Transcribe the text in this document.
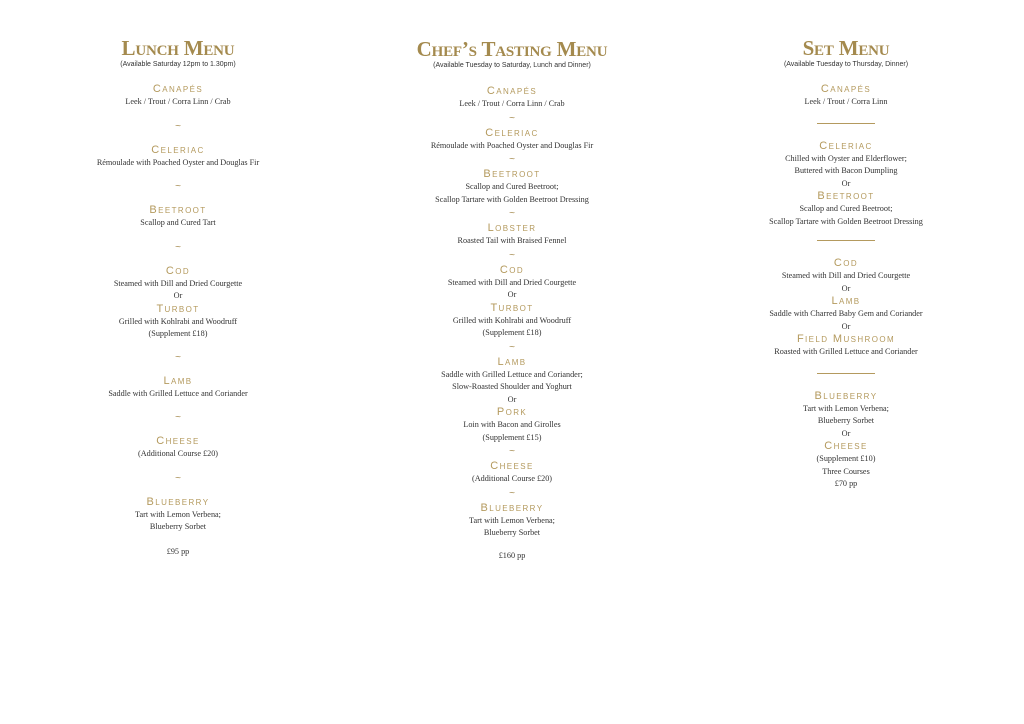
Lunch Menu
(Available Saturday 12pm to 1.30pm)
Canapés
Leek / Trout / Corra Linn / Crab
~
Celeriac
Rémoulade with Poached Oyster and Douglas Fir
~
Beetroot
Scallop and Cured Tart
~
Cod
Steamed with Dill and Dried Courgette
Or
Turbot
Grilled with Kohlrabi and Woodruff
(Supplement £18)
~
Lamb
Saddle with Grilled Lettuce and Coriander
~
Cheese
(Additional Course £20)
~
Blueberry
Tart with Lemon Verbena;
Blueberry Sorbet
£95 pp
Chef’s Tasting Menu
(Available Tuesday to Saturday, Lunch and Dinner)
Canapés
Leek / Trout / Corra Linn / Crab
~
Celeriac
Rémoulade with Poached Oyster and Douglas Fir
~
Beetroot
Scallop and Cured Beetroot;
Scallop Tartare with Golden Beetroot Dressing
~
Lobster
Roasted Tail with Braised Fennel
~
Cod
Steamed with Dill and Dried Courgette
Or
Turbot
Grilled with Kohlrabi and Woodruff
(Supplement £18)
~
Lamb
Saddle with Grilled Lettuce and Coriander;
Slow-Roasted Shoulder and Yoghurt
Or
Pork
Loin with Bacon and Girolles
(Supplement £15)
~
Cheese
(Additional Course £20)
~
Blueberry
Tart with Lemon Verbena;
Blueberry Sorbet
£160 pp
Set Menu
(Available Tuesday to Thursday, Dinner)
Canapés
Leek / Trout / Corra Linn
Celeriac
Chilled with Oyster and Elderflower;
Buttered with Bacon Dumpling
Or
Beetroot
Scallop and Cured Beetroot;
Scallop Tartare with Golden Beetroot Dressing
Cod
Steamed with Dill and Dried Courgette
Or
Lamb
Saddle with Charred Baby Gem and Coriander
Or
Field Mushroom
Roasted with Grilled Lettuce and Coriander
Blueberry
Tart with Lemon Verbena;
Blueberry Sorbet
Or
Cheese
(Supplement £10)
Three Courses
£70 pp
